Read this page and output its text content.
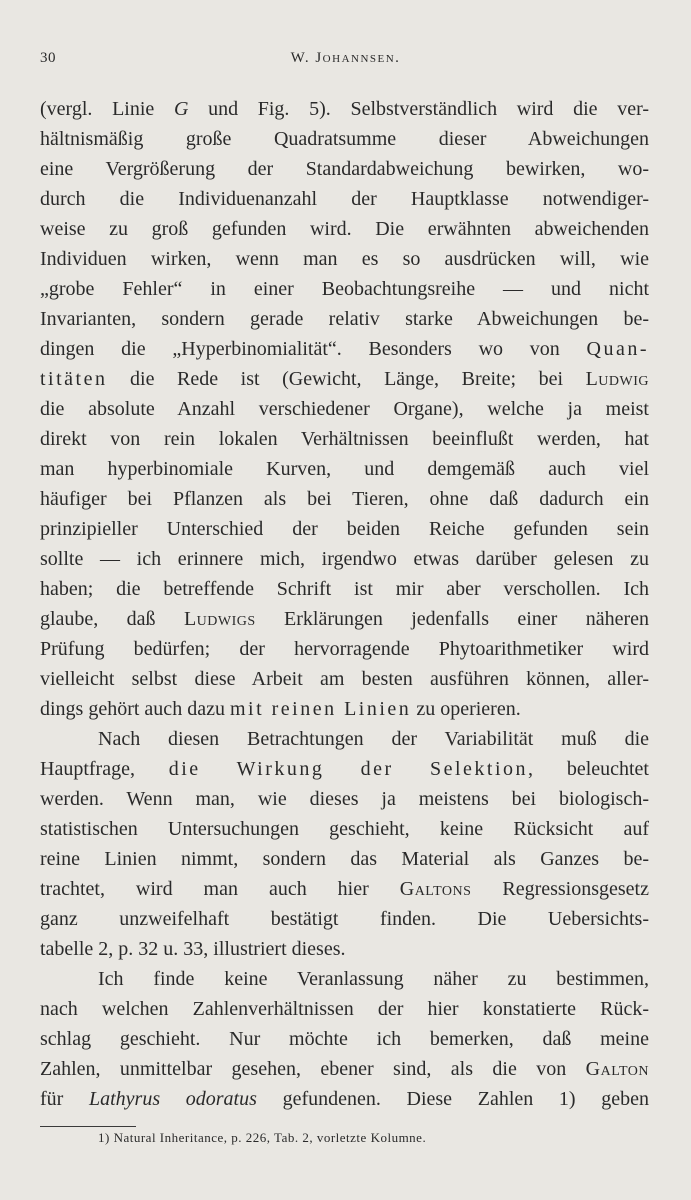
30	W. Johannsen.
(vergl. Linie G und Fig. 5). Selbstverständlich wird die ver-
hältnismäßig große Quadratsumme dieser Abweichungen
eine Vergrößerung der Standardabweichung bewirken, wo-
durch die Individuenanzahl der Hauptklasse notwendiger-
weise zu groß gefunden wird. Die erwähnten abweichenden
Individuen wirken, wenn man es so ausdrücken will, wie
„grobe Fehler“ in einer Beobachtungsreihe — und nicht
Invarianten, sondern gerade relativ starke Abweichungen be-
dingen die „Hyperbinomialität“. Besonders wo von Quan-
titäten die Rede ist (Gewicht, Länge, Breite; bei Ludwig
die absolute Anzahl verschiedener Organe), welche ja meist
direkt von rein lokalen Verhältnissen beeinflußt werden, hat
man hyperbinomiale Kurven, und demgemäß auch viel
häufiger bei Pflanzen als bei Tieren, ohne daß dadurch ein
prinzipieller Unterschied der beiden Reiche gefunden sein
sollte — ich erinnere mich, irgendwo etwas darüber gelesen zu
haben; die betreffende Schrift ist mir aber verschollen. Ich
glaube, daß Ludwigs Erklärungen jedenfalls einer näheren
Prüfung bedürfen; der hervorragende Phytoarithmetiker wird
vielleicht selbst diese Arbeit am besten ausführen können, aller-
dings gehört auch dazu mit reinen Linien zu operieren.
Nach diesen Betrachtungen der Variabilität muß die
Hauptfrage, die Wirkung der Selektion, beleuchtet
werden. Wenn man, wie dieses ja meistens bei biologisch-
statistischen Untersuchungen geschieht, keine Rücksicht auf
reine Linien nimmt, sondern das Material als Ganzes be-
trachtet, wird man auch hier Galtons Regressionsgesetz
ganz unzweifelhaft bestätigt finden. Die Uebersichts-
tabelle 2, p. 32 u. 33, illustriert dieses.
Ich finde keine Veranlassung näher zu bestimmen,
nach welchen Zahlenverhältnissen der hier konstatierte Rück-
schlag geschieht. Nur möchte ich bemerken, daß meine
Zahlen, unmittelbar gesehen, ebener sind, als die von Galton
für Lathyrus odoratus gefundenen. Diese Zahlen 1) geben
1) Natural Inheritance, p. 226, Tab. 2, vorletzte Kolumne.
